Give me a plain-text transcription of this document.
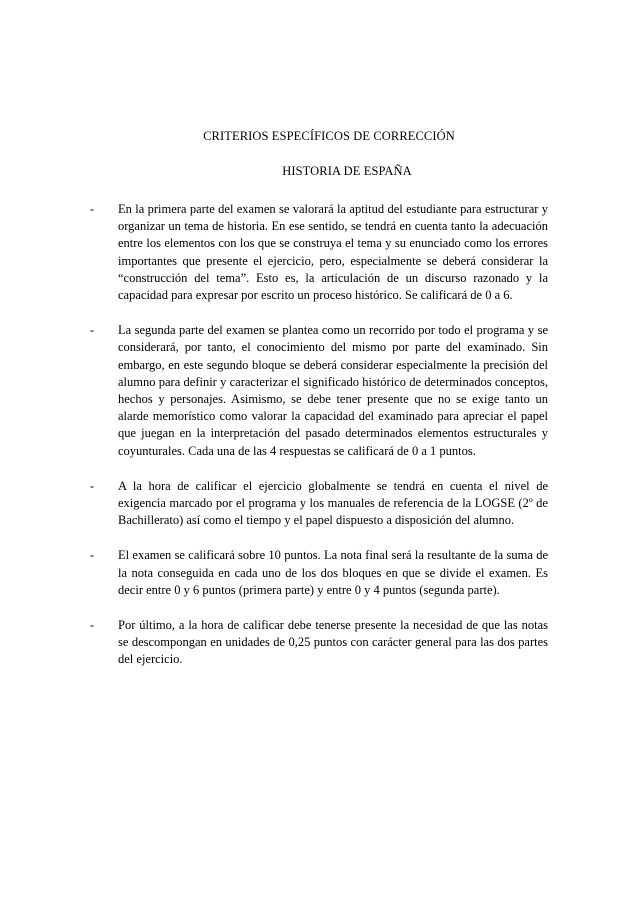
CRITERIOS ESPECÍFICOS DE CORRECCIÓN
HISTORIA DE ESPAÑA
- En la primera parte del examen se valorará la aptitud del estudiante para estructurar y organizar un tema de historia. En ese sentido, se tendrá en cuenta tanto la adecuación entre los elementos con los que se construya el tema y su enunciado como los errores importantes que presente el ejercicio, pero, especialmente se deberá considerar la “construcción del tema”. Esto es, la articulación de un discurso razonado y la capacidad para expresar por escrito un proceso histórico. Se calificará de 0 a 6.
- La segunda parte del examen se plantea como un recorrido por todo el programa y se considerará, por tanto, el conocimiento del mismo por parte del examinado. Sin embargo, en este segundo bloque se deberá considerar especialmente la precisión del alumno para definir y caracterizar el significado histórico de determinados conceptos, hechos y personajes. Asimismo, se debe tener presente que no se exige tanto un alarde memorístico como valorar la capacidad del examinado para apreciar el papel que juegan en la interpretación del pasado determinados elementos estructurales y coyunturales. Cada una de las 4 respuestas se calificará de 0 a 1 puntos.
- A la hora de calificar el ejercicio globalmente se tendrá en cuenta el nivel de exigencia marcado por el programa y los manuales de referencia de la LOGSE (2º de Bachillerato) así como el tiempo y el papel dispuesto a disposición del alumno.
- El examen se calificará sobre 10 puntos. La nota final será la resultante de la suma de la nota conseguida en cada uno de los dos bloques en que se divide el examen. Es decir entre 0 y 6 puntos (primera parte) y entre 0 y 4 puntos (segunda parte).
- Por último, a la hora de calificar debe tenerse presente la necesidad de que las notas se descompongan en unidades de 0,25 puntos con carácter general para las dos partes del ejercicio.
